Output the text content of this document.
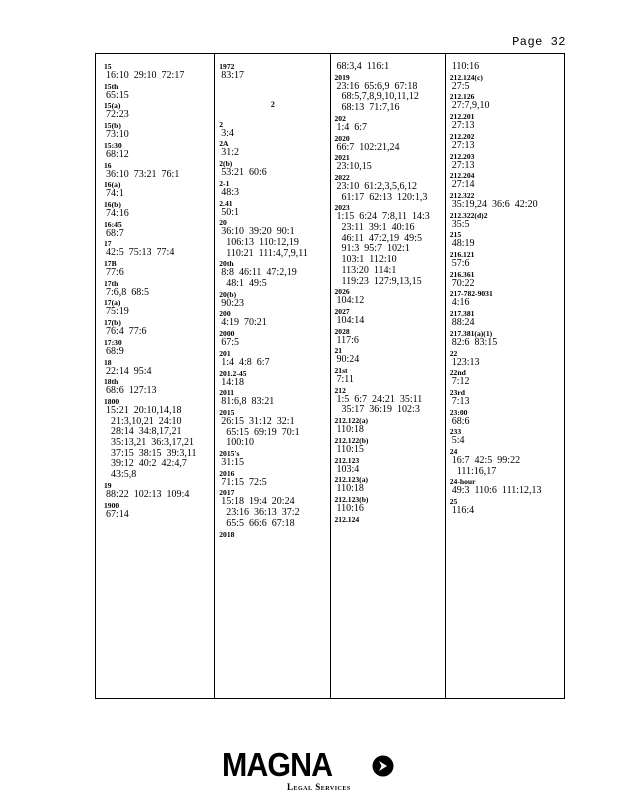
Page 32
15
16:10  29:10  72:17
15th
65:15
15(a)
72:23
15(b)
73:10
15:30
68:12
16
36:10  73:21  76:1
16(a)
74:1
16(b)
74:16
16:45
68:7
17
42:5  75:13  77:4
17B
77:6
17th
7:6,8  68:5
17(a)
75:19
17(b)
76:4  77:6
17:30
68:9
18
22:14  95:4
18th
68:6  127:13
1800
15:21  20:10,14,18
21:3,10,21  24:10
28:14  34:8,17,21
35:13,21  36:3,17,21
37:15  38:15  39:3,11
39:12  40:2  42:4,7
43:5,8
19
88:22  102:13  109:4
1900
67:14
1972
83:17
2
2
3:4
2A
31:2
2(b)
53:21  60:6
2-1
48:3
2.41
50:1
20
36:10  39:20  90:1
106:13  110:12,19
110:21  111:4,7,9,11
20th
8:8  46:11  47:2,19
48:1  49:5
20(b)
90:23
200
4:19  70:21
2000
67:5
201
1:4  4:8  6:7
201.2-45
14:18
2011
81:6,8  83:21
2015
26:15  31:12  32:1
65:15  69:19  70:1
100:10
2015's
31:15
2016
71:15  72:5
2017
15:18  19:4  20:24
23:16  36:13  37:2
65:5  66:6  67:18
2018
68:3,4  116:1
2019
23:16  65:6,9  67:18
68:5,7,8,9,10,11,12
68:13  71:7,16
202
1:4  6:7
2020
66:7  102:21,24
2021
23:10,15
2022
23:10  61:2,3,5,6,12
61:17  62:13  120:1,3
2023
1:15  6:24  7:8,11  14:3
23:11  39:1  40:16
46:11  47:2,19  49:5
91:3  95:7  102:1
103:1  112:10
113:20  114:1
119:23  127:9,13,15
2026
104:12
2027
104:14
2028
117:6
21
90:24
21st
7:11
212
1:5  6:7  24:21  35:11
35:17  36:19  102:3
212.122(a)
110:18
212.122(b)
110:15
212.123
103:4
212.123(a)
110:18
212.123(b)
110:16
212.124
110:16
212.124(c)
27:5
212.126
27:7,9,10
212.201
27:13
212.202
27:13
212.203
27:13
212.204
27:14
212.322
35:19,24  36:6  42:20
212.322(d)2
35:5
215
48:19
216.121
57:6
216.361
70:22
217-782-9031
4:16
217.381
88:24
217.381(a)(1)
82:6  83:15
22
123:13
22nd
7:12
23rd
7:13
23:00
68:6
233
5:4
24
16:7  42:5  99:22
111:16,17
24-hour
49:3  110:6  111:12,13
25
116:4
MAGNA
Legal Services
